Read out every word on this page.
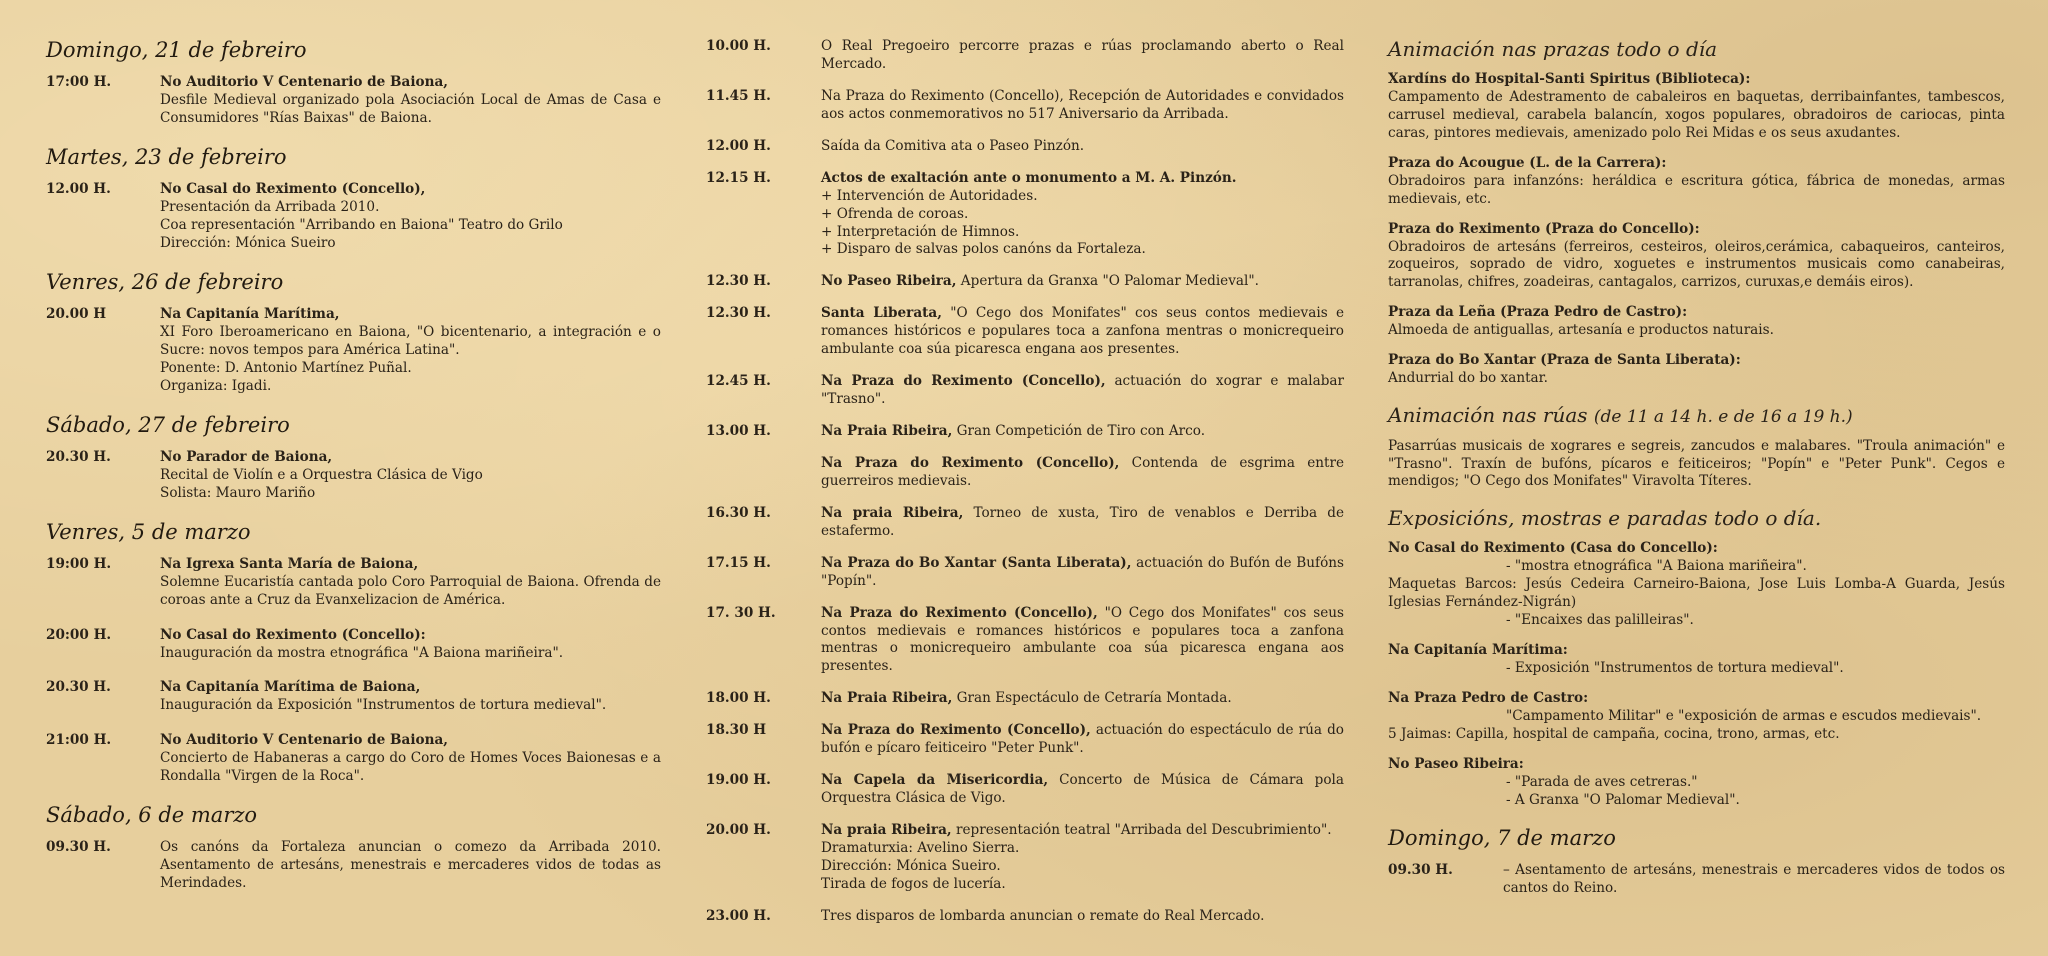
Domingo, 21 de febreiro
17:00 H.	No Auditorio V Centenario de Baiona,
Desfile Medieval organizado pola Asociación Local de Amas de Casa e Consumidores "Rías Baixas" de Baiona.
Martes, 23 de febreiro
12.00 H.	No Casal do Reximento (Concello),
Presentación da Arribada 2010.
Coa representación "Arribando en Baiona" Teatro do Grilo
Dirección: Mónica Sueiro
Venres, 26 de febreiro
20.00 H	Na Capitanía Marítima,
XI Foro Iberoamericano en Baiona, "O bicentenario, a integración e o Sucre: novos tempos para América Latina".
Ponente: D. Antonio Martínez Puñal.
Organiza: Igadi.
Sábado, 27 de febreiro
20.30 H.	No Parador de Baiona,
Recital de Violín e a Orquestra Clásica de Vigo
Solista: Mauro Mariño
Venres, 5 de marzo
19:00 H.	Na Igrexa Santa María de Baiona,
Solemne Eucaristía cantada polo Coro Parroquial de Baiona. Ofrenda de coroas ante a Cruz da Evanxelizacion de América.
20:00 H.	No Casal do Reximento (Concello):
Inauguración da mostra etnográfica "A Baiona mariñeira".
20.30 H.	Na Capitanía Marítima de Baiona,
Inauguración da Exposición "Instrumentos de tortura medieval".
21:00 H.	No Auditorio V Centenario de Baiona,
Concierto de Habaneras a cargo do Coro de Homes Voces Baionesas e a Rondalla "Virgen de la Roca".
Sábado, 6 de marzo
09.30 H.	Os canóns da Fortaleza anuncian o comezo da Arribada 2010. Asentamento de artesáns, menestrais e mercaderes vidos de todas as Merindades.
10.00 H.	O Real Pregoeiro percorre prazas e rúas proclamando aberto o Real Mercado.
11.45 H.	Na Praza do Reximento (Concello), Recepción de Autoridades e convidados aos actos conmemorativos no 517 Aniversario da Arribada.
12.00 H.	Saída da Comitiva ata o Paseo Pinzón.
12.15 H.	Actos de exaltación ante o monumento a M. A. Pinzón.
+ Intervención de Autoridades.
+ Ofrenda de coroas.
+ Interpretación de Himnos.
+ Disparo de salvas polos canóns da Fortaleza.
12.30 H.	No Paseo Ribeira, Apertura da Granxa "O Palomar Medieval".
12.30 H.	Santa Liberata, "O Cego dos Monifates" cos seus contos medievais e romances históricos e populares toca a zanfona mentras o monicrequeiro ambulante coa súa picaresca engana aos presentes.
12.45 H.	Na Praza do Reximento (Concello), actuación do xograr e malabar "Trasno".
13.00 H.	Na Praia Ribeira, Gran Competición de Tiro con Arco.
Na Praza do Reximento (Concello), Contenda de esgrima entre guerreiros medievais.
16.30 H.	Na praia Ribeira, Torneo de xusta, Tiro de venablos e Derriba de estafermo.
17.15 H.	Na Praza do Bo Xantar (Santa Liberata), actuación do Bufón de Bufóns "Popín".
17. 30 H.	Na Praza do Reximento (Concello), "O Cego dos Monifates" cos seus contos medievais e romances históricos e populares toca a zanfona mentras o monicrequeiro ambulante coa súa picaresca engana aos presentes.
18.00 H.	Na Praia Ribeira, Gran Espectáculo de Cetraría Montada.
18.30 H	Na Praza do Reximento (Concello), actuación do espectáculo de rúa do bufón e pícaro feiticeiro "Peter Punk".
19.00 H.	Na Capela da Misericordia, Concerto de Música de Cámara pola Orquestra Clásica de Vigo.
20.00 H.	Na praia Ribeira, representación teatral "Arribada del Descubrimiento".
Dramaturxia: Avelino Sierra.
Dirección: Mónica Sueiro.
Tirada de fogos de lucería.
23.00 H.	Tres disparos de lombarda anuncian o remate do Real Mercado.
Animación nas prazas todo o día
Xardíns do Hospital-Santi Spiritus (Biblioteca):
Campamento de Adestramento de cabaleiros en baquetas, derribainfantes, tambescos, carrusel medieval, carabela balancín, xogos populares, obradoiros de cariocas, pinta caras, pintores medievais, amenizado polo Rei Midas e os seus axudantes.
Praza do Acougue (L. de la Carrera):
Obradoiros para infanzóns: heráldica e escritura gótica, fábrica de monedas, armas medievais, etc.
Praza do Reximento (Praza do Concello):
Obradoiros de artesáns (ferreiros, cesteiros, oleiros,cerámica, cabaqueiros, canteiros, zoqueiros, soprado de vidro, xoguetes e instrumentos musicais como canabeiras, tarranolas, chifres, zoadeiras, cantagalos, carrizos, curuxas,e demáis eiros).
Praza da Leña (Praza Pedro de Castro):
Almoeda de antiguallas, artesanía e productos naturais.
Praza do Bo Xantar (Praza de Santa Liberata):
Andurrial do bo xantar.
Animación nas rúas (de 11 a 14 h. e de 16 a 19 h.)
Pasarrúas musicais de xograres e segreis, zancudos e malabares. "Troula animación" e "Trasno". Traxín de bufóns, pícaros e feiticeiros; "Popín" e "Peter Punk". Cegos e mendigos; "O Cego dos Monifates" Viravolta Títeres.
Exposicións, mostras e paradas todo o día.
No Casal do Reximento (Casa do Concello):
- "mostra etnográfica "A Baiona mariñeira".
Maquetas Barcos: Jesús Cedeira Carneiro-Baiona, Jose Luis Lomba-A Guarda, Jesús Iglesias Fernández-Nigrán)
- "Encaixes das palilleiras".
Na Capitanía Marítima:
- Exposición "Instrumentos de tortura medieval".
Na Praza Pedro de Castro:
"Campamento Militar" e "exposición de armas e escudos medievais".
5 Jaimas: Capilla, hospital de campaña, cocina, trono, armas, etc.
No Paseo Ribeira:
- "Parada de aves cetreras."
- A Granxa "O Palomar Medieval".
Domingo, 7 de marzo
09.30 H.	– Asentamento de artesáns, menestrais e mercaderes vidos de todos os cantos do Reino.
